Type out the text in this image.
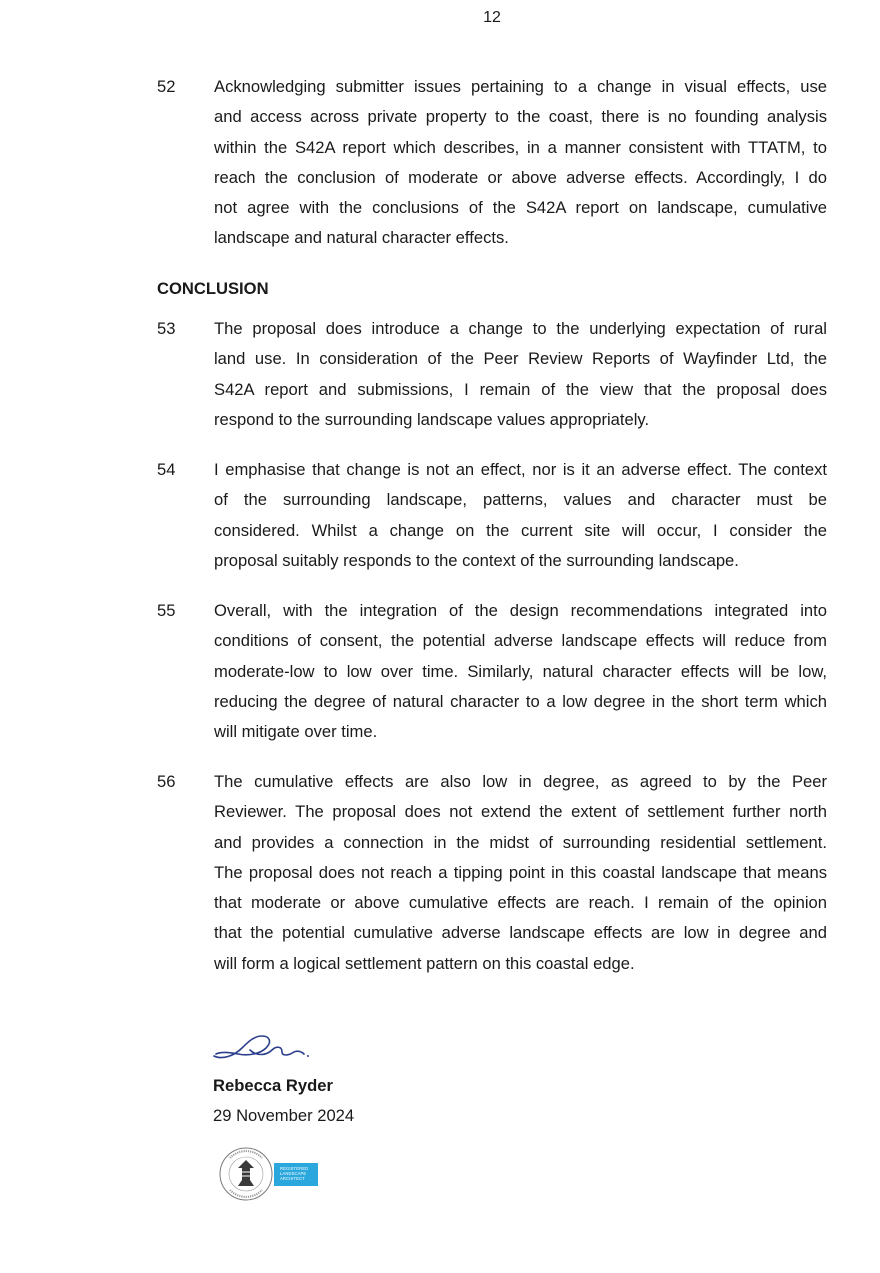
12
52	Acknowledging submitter issues pertaining to a change in visual effects, use
and access across private property to the coast, there is no founding analysis
within the S42A report which describes, in a manner consistent with TTATM, to
reach the conclusion of moderate or above adverse effects. Accordingly, I do
not agree with the conclusions of the S42A report on landscape, cumulative
landscape and natural character effects.
CONCLUSION
53	The proposal does introduce a change to the underlying expectation of rural
land use. In consideration of the Peer Review Reports of Wayfinder Ltd, the
S42A report and submissions, I remain of the view that the proposal does
respond to the surrounding landscape values appropriately.
54	I emphasise that change is not an effect, nor is it an adverse effect. The context
of the surrounding landscape, patterns, values and character must be
considered. Whilst a change on the current site will occur, I consider the
proposal suitably responds to the context of the surrounding landscape.
55	Overall, with the integration of the design recommendations integrated into
conditions of consent, the potential adverse landscape effects will reduce from
moderate-low to low over time. Similarly, natural character effects will be low,
reducing the degree of natural character to a low degree in the short term which
will mitigate over time.
56	The cumulative effects are also low in degree, as agreed to by the Peer
Reviewer. The proposal does not extend the extent of settlement further north
and provides a connection in the midst of surrounding residential settlement.
The proposal does not reach a tipping point in this coastal landscape that means
that moderate or above cumulative effects are reach. I remain of the opinion
that the potential cumulative adverse landscape effects are low in degree and
will form a logical settlement pattern on this coastal edge.
Rebecca Ryder
29 November 2024
REGISTERED
LANDSCAPE
ARCHITECT
